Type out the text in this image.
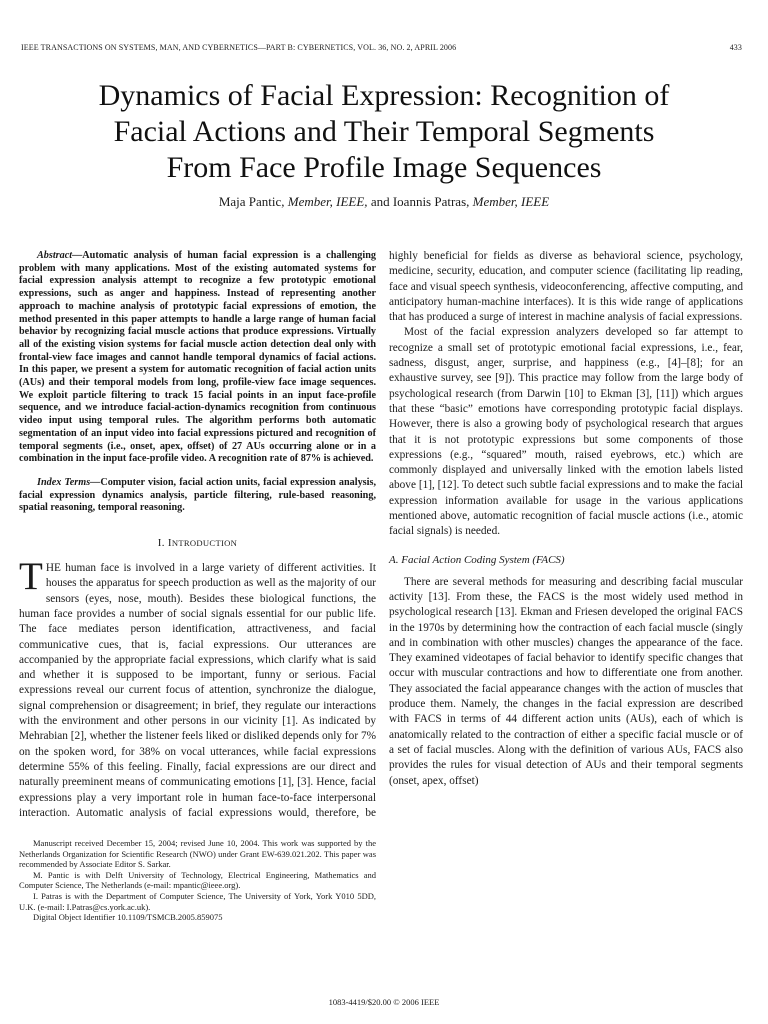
IEEE TRANSACTIONS ON SYSTEMS, MAN, AND CYBERNETICS—PART B: CYBERNETICS, VOL. 36, NO. 2, APRIL 2006	433
Dynamics of Facial Expression: Recognition of
Facial Actions and Their Temporal Segments
From Face Profile Image Sequences
Maja Pantic, Member, IEEE, and Ioannis Patras, Member, IEEE

Abstract—Automatic analysis of human facial expression is a challenging problem with many applications. Most of the existing automated systems for facial expression analysis attempt to recognize a few prototypic emotional expressions, such as anger and happiness. Instead of representing another approach to machine analysis of prototypic facial expressions of emotion, the method presented in this paper attempts to handle a large range of human facial behavior by recognizing facial muscle actions that produce expressions. Virtually all of the existing vision systems for facial muscle action detection deal only with frontal-view face images and cannot handle temporal dynamics of facial actions. In this paper, we present a system for automatic recognition of facial action units (AUs) and their temporal models from long, profile-view face image sequences. We exploit particle filtering to track 15 facial points in an input face-profile sequence, and we introduce facial-action-dynamics recognition from continuous video input using temporal rules. The algorithm performs both automatic segmentation of an input video into facial expressions pictured and recognition of temporal segments (i.e., onset, apex, offset) of 27 AUs occurring alone or in a combination in the input face-profile video. A recognition rate of 87% is achieved.

Index Terms—Computer vision, facial action units, facial expression analysis, facial expression dynamics analysis, particle filtering, rule-based reasoning, spatial reasoning, temporal reasoning.

I. INTRODUCTION

THE human face is involved in a large variety of different activities. It houses the apparatus for speech production as well as the majority of our sensors (eyes, nose, mouth). Besides these biological functions, the human face provides a number of social signals essential for our public life. The face mediates person identification, attractiveness, and facial communicative cues, that is, facial expressions. Our utterances are accompanied by the appropriate facial expressions, which clarify what is said and whether it is supposed to be important, funny or serious. Facial expressions reveal our current focus of attention, synchronize the dialogue, signal comprehension or disagreement; in brief, they regulate our interactions with the environment and other persons in our vicinity [1]. As indicated by Mehrabian [2], whether the listener feels liked or disliked depends only for 7% on the spoken word, for 38% on vocal utterances, while facial expressions determine 55% of this feeling. Finally, facial expressions are our direct and naturally preeminent means of communicating emotions [1], [3]. Hence, facial expressions play a very important role in human face-to-face interpersonal interaction. Automatic analysis of facial expressions would, therefore, be

highly beneficial for fields as diverse as behavioral science, psychology, medicine, security, education, and computer science (facilitating lip reading, face and visual speech synthesis, videoconferencing, affective computing, and anticipatory human-machine interfaces). It is this wide range of applications that has produced a surge of interest in machine analysis of facial expressions.

Most of the facial expression analyzers developed so far attempt to recognize a small set of prototypic emotional facial expressions, i.e., fear, sadness, disgust, anger, surprise, and happiness (e.g., [4]–[8]; for an exhaustive survey, see [9]). This practice may follow from the large body of psychological research (from Darwin [10] to Ekman [3], [11]) which argues that these “basic” emotions have corresponding prototypic facial displays. However, there is also a growing body of psychological research that argues that it is not prototypic expressions but some components of those expressions (e.g., “squared” mouth, raised eyebrows, etc.) which are commonly displayed and universally linked with the emotion labels listed above [1], [12]. To detect such subtle facial expressions and to make the facial expression information available for usage in the various applications mentioned above, automatic recognition of facial muscle actions (i.e., atomic facial signals) is needed.

A. Facial Action Coding System (FACS)

There are several methods for measuring and describing facial muscular activity [13]. From these, the FACS is the most widely used method in psychological research [13]. Ekman and Friesen developed the original FACS in the 1970s by determining how the contraction of each facial muscle (singly and in combination with other muscles) changes the appearance of the face. They examined videotapes of facial behavior to identify specific changes that occur with muscular contractions and how to differentiate one from another. They associated the facial appearance changes with the action of muscles that produce them. Namely, the changes in the facial expression are described with FACS in terms of 44 different action units (AUs), each of which is anatomically related to the contraction of either a specific facial muscle or of a set of facial muscles. Along with the definition of various AUs, FACS also provides the rules for visual detection of AUs and their temporal segments (onset, apex, offset)

Manuscript received December 15, 2004; revised June 10, 2004. This work was supported by the Netherlands Organization for Scientific Research (NWO) under Grant EW-639.021.202. This paper was recommended by Associate Editor S. Sarkar.

M. Pantic is with Delft University of Technology, Electrical Engineering, Mathematics and Computer Science, The Netherlands (e-mail: mpantic@ieee.org).

I. Patras is with the Department of Computer Science, The University of York, York Y010 5DD, U.K. (e-mail: I.Patras@cs.york.ac.uk).

Digital Object Identifier 10.1109/TSMCB.2005.859075

1083-4419/$20.00 © 2006 IEEE
